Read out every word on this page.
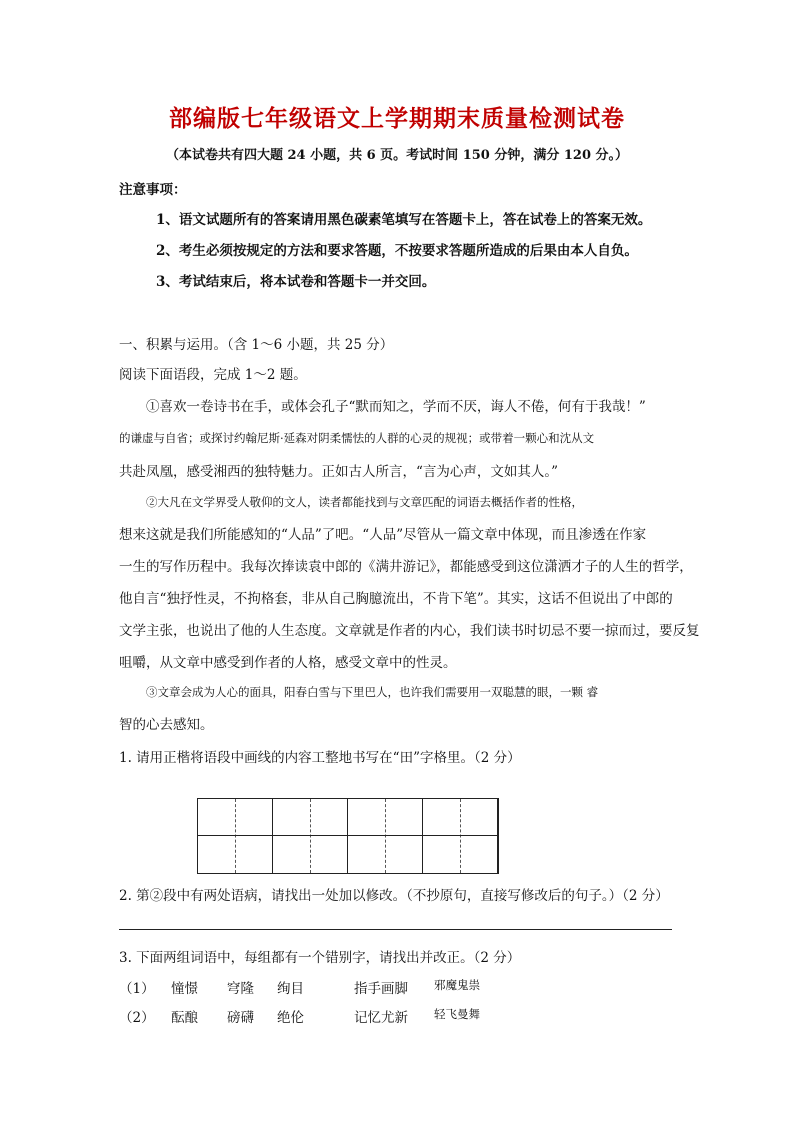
部编版七年级语文上学期期末质量检测试卷
（本试卷共有四大题 24 小题，共 6 页。考试时间 150 分钟，满分 120 分。）
注意事项：
1、语文试题所有的答案请用黑色碳素笔填写在答题卡上，答在试卷上的答案无效。
2、考生必须按规定的方法和要求答题，不按要求答题所造成的后果由本人自负。
3、考试结束后，将本试卷和答题卡一并交回。
一、积累与运用。（含 1～6 小题，共 25 分）
阅读下面语段，完成 1～2 题。
①喜欢一卷诗书在手，或体会孔子“默而知之，学而不厌，诲人不倦，何有于我哉！”
的谦虚与自省；或探讨约翰尼斯·延森对阴柔懦怯的人群的心灵的规视；或带着一颗心和沈从文
共赴凤凰，感受湘西的独特魅力。正如古人所言，“言为心声，文如其人。”
②大凡在文学界受人敬仰的文人，读者都能找到与文章匹配的词语去概括作者的性格，
想来这就是我们所能感知的“人品”了吧。“人品”尽管从一篇文章中体现，而且渗透在作家
一生的写作历程中。我每次捧读袁中郎的《满井游记》，都能感受到这位潇洒才子的人生的哲学，
他自言“独抒性灵，不拘格套，非从自己胸臆流出，不肯下笔”。其实，这话不但说出了中郎的
文学主张，也说出了他的人生态度。文章就是作者的内心，我们读书时切忌不要一掠而过，要反复
咀嚼，从文章中感受到作者的人格，感受文章中的性灵。
③文章会成为人心的面具，阳春白雪与下里巴人，也许我们需要用一双聪慧的眼，一颗 睿
智的心去感知。
1. 请用正楷将语段中画线的内容工整地书写在“田”字格里。（2 分）
2. 第②段中有两处语病，请找出一处加以修改。（不抄原句，直接写修改后的句子。）（2 分）
3. 下面两组词语中，每组都有一个错别字，请找出并改正。（2 分）
（1）	憧憬	穹隆	绚目	指手画脚	邪魔鬼祟
（2）	酝酿	磅礴	绝伦	记忆尤新	轻飞曼舞
